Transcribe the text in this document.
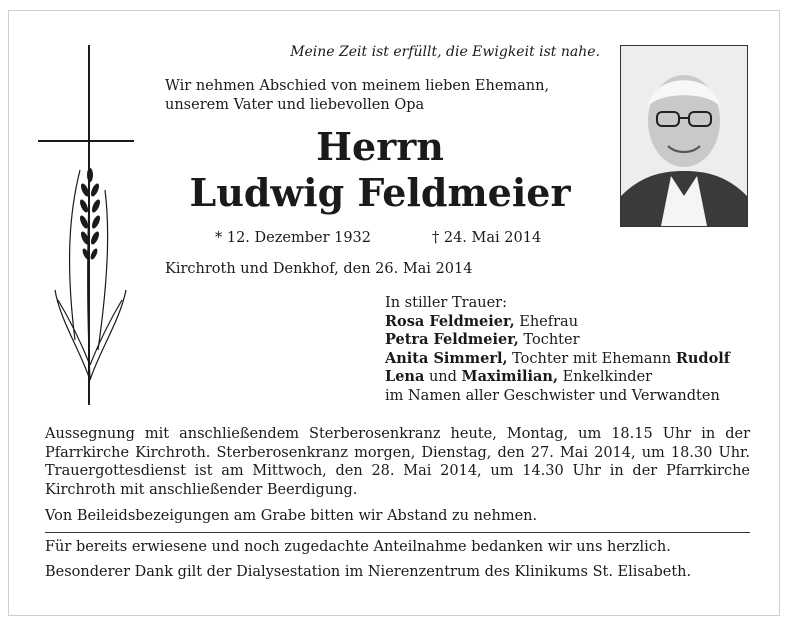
Meine Zeit ist erfüllt, die Ewigkeit ist nahe.
Wir nehmen Abschied von meinem lieben Ehemann,
unserem Vater und liebevollen Opa
Herrn
Ludwig Feldmeier
* 12. Dezember 1932	† 24. Mai 2014
Kirchroth und Denkhof, den 26. Mai 2014
In stiller Trauer:
Rosa Feldmeier, Ehefrau
Petra Feldmeier, Tochter
Anita Simmerl, Tochter mit Ehemann Rudolf
Lena und Maximilian, Enkelkinder
im Namen aller Geschwister und Verwandten
Aussegnung mit anschließendem Sterberosenkranz heute, Montag, um 18.15 Uhr in der Pfarrkirche Kirchroth. Sterberosenkranz morgen, Dienstag, den 27. Mai 2014, um 18.30 Uhr. Trauergottesdienst ist am Mittwoch, den 28. Mai 2014, um 14.30 Uhr in der Pfarrkirche Kirchroth mit anschließender Beerdigung.
Von Beileidsbezeigungen am Grabe bitten wir Abstand zu nehmen.
Für bereits erwiesene und noch zugedachte Anteilnahme bedanken wir uns herzlich.
Besonderer Dank gilt der Dialysestation im Nierenzentrum des Klinikums St. Elisabeth.
